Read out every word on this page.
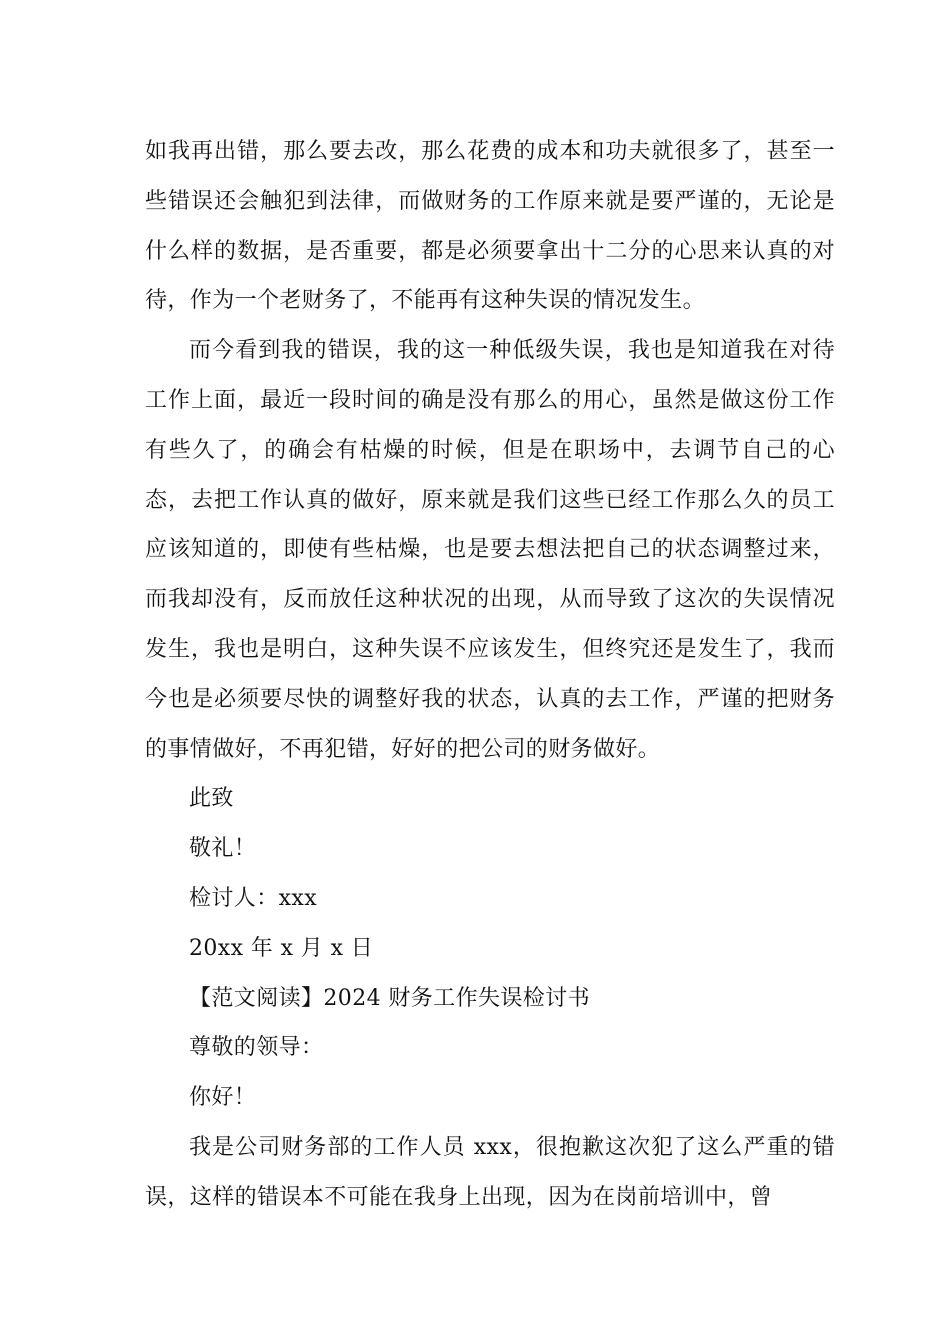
如我再出错，那么要去改，那么花费的成本和功夫就很多了，甚至一些错误还会触犯到法律，而做财务的工作原来就是要严谨的，无论是什么样的数据，是否重要，都是必须要拿出十二分的心思来认真的对待，作为一个老财务了，不能再有这种失误的情况发生。

而今看到我的错误，我的这一种低级失误，我也是知道我在对待工作上面，最近一段时间的确是没有那么的用心，虽然是做这份工作有些久了，的确会有枯燥的时候，但是在职场中，去调节自己的心态，去把工作认真的做好，原来就是我们这些已经工作那么久的员工应该知道的，即使有些枯燥，也是要去想法把自己的状态调整过来，而我却没有，反而放任这种状况的出现，从而导致了这次的失误情况发生，我也是明白，这种失误不应该发生，但终究还是发生了，我而今也是必须要尽快的调整好我的状态，认真的去工作，严谨的把财务的事情做好，不再犯错，好好的把公司的财务做好。

此致

敬礼！

检讨人：xxx

20xx 年 x 月 x 日

【范文阅读】2024 财务工作失误检讨书

尊敬的领导：

你好！

我是公司财务部的工作人员 xxx，很抱歉这次犯了这么严重的错误，这样的错误本不可能在我身上出现，因为在岗前培训中，曾
